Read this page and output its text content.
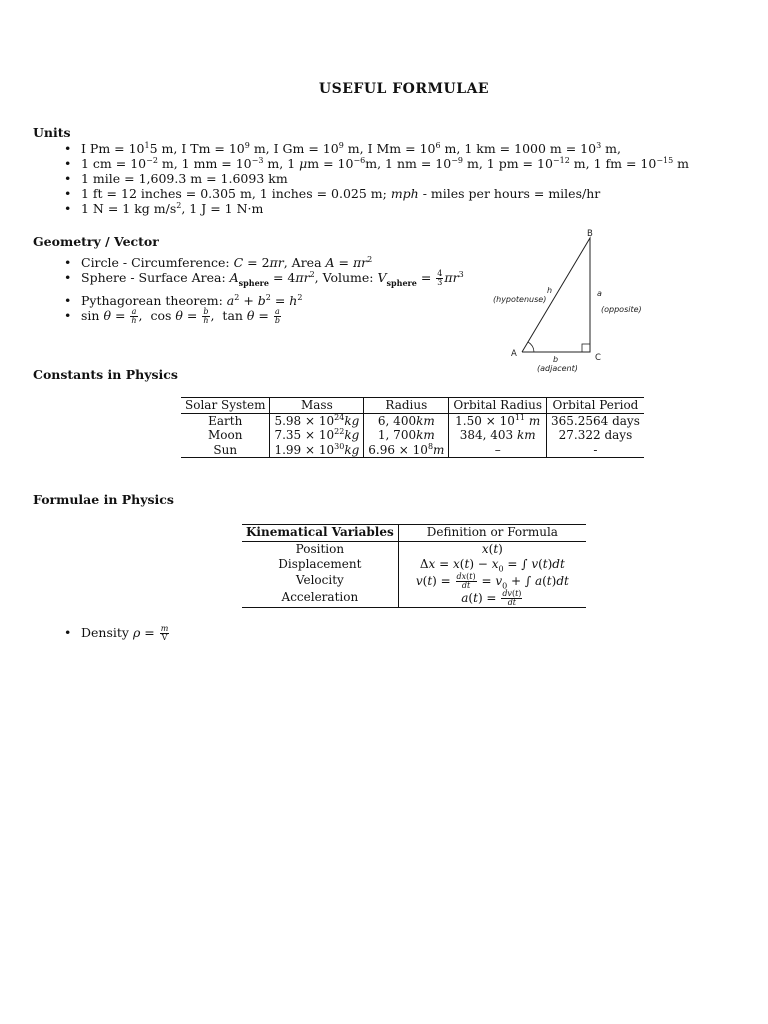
USEFUL FORMULAE
Units
• I $Pm = 10^15$ m, I $Tm = 10^9$ m, I $Gm = 10^9$ m, I $Mm = 10^6$ m, 1 km = 1000 $m = 10^3$ m,
•
• 1 mile = 1,609.3 m = 1.6093 km
• 1 ft = 12 inches = 0.305 m, 1 inches = 0.025 m; mph - miles per hours = miles/hr
• 1 N = 1 kg $m/s^2$, 1 J = 1 N·m
1 cm = $10^{-2}$ m, 1 mm = $10^{-3}$ m, 1 $\mu m = 10^{-6}m$, 1 nm = $10^{-9}$ m, 1 pm = $10^{-12}$ m, 1 fm = $10^{-15}$ m
Geometry / Vector
• Circle - Circumference: C = 2πr, Area $A = \pi r^2$
• Sphere - Surface Area: $A_{sphere} = 4\pi r^2$, Volume: $V_{sphere} = \frac{4}{3} \pi r^3$
• Pythagorean theorem: $a^2 + b^2 = h^2$
• $\sin \theta = \frac{a}{h}$ ,  $\cos \theta = \frac{b}{h}$ ,  $\tan \theta = \frac{a}{b}$
B
A	C
h
(hypotenuse)
a
(opposite)
b
(adjacent)
Constants in Physics
Solar System	Mass	Radius	Orbital Radius	Orbital Period
Earth	$5.98 \times 10^{24}kg$	6, 400km	$1.50 \times 10^{11}$ m	365.2564 days
Moon	$7.35 \times 10^{22}kg$	1, 700km	384, 403 km	27.322 days
Sun	$1.99 \times 10^{30}kg$	$6.96 \times 10^8m$	–	-
Formulae in Physics
Kinematical Variables	Definition or Formula
Position	x(t)
Displacement	$\Delta x = x(t) - x_0$ = ∫ v(t)dt
Velocity	$v(t) = \frac{dx(t)}{dt} = v_0$ + ∫ a(t)dt
Acceleration	$a(t) = \frac{dv(t)}{dt}$
• Density $\rho = \frac{m}{V}$
